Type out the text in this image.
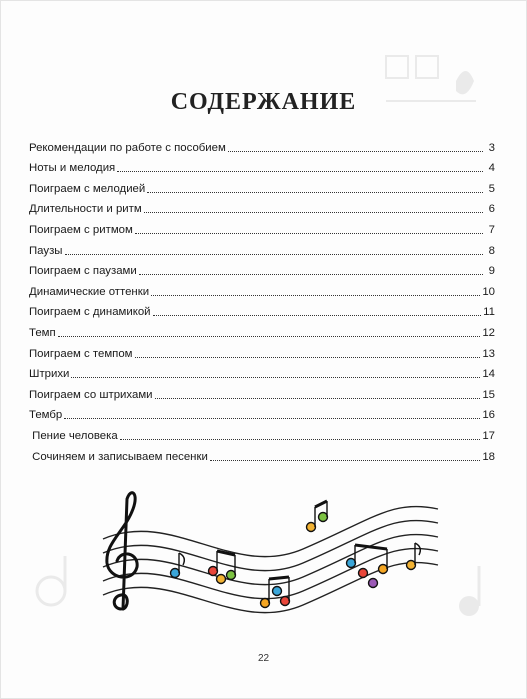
СОДЕРЖАНИЕ
Рекомендации по работе с пособием	3
Ноты и мелодия	4
Поиграем с мелодией	5
Длительности и ритм	6
Поиграем с ритмом	7
Паузы	8
Поиграем с паузами	9
Динамические оттенки	10
Поиграем с динамикой	11
Темп	12
Поиграем с темпом	13
Штрихи	14
Поиграем со штрихами	15
Тембр	16
Пение человека	17
Сочиняем и записываем песенки	18
22
